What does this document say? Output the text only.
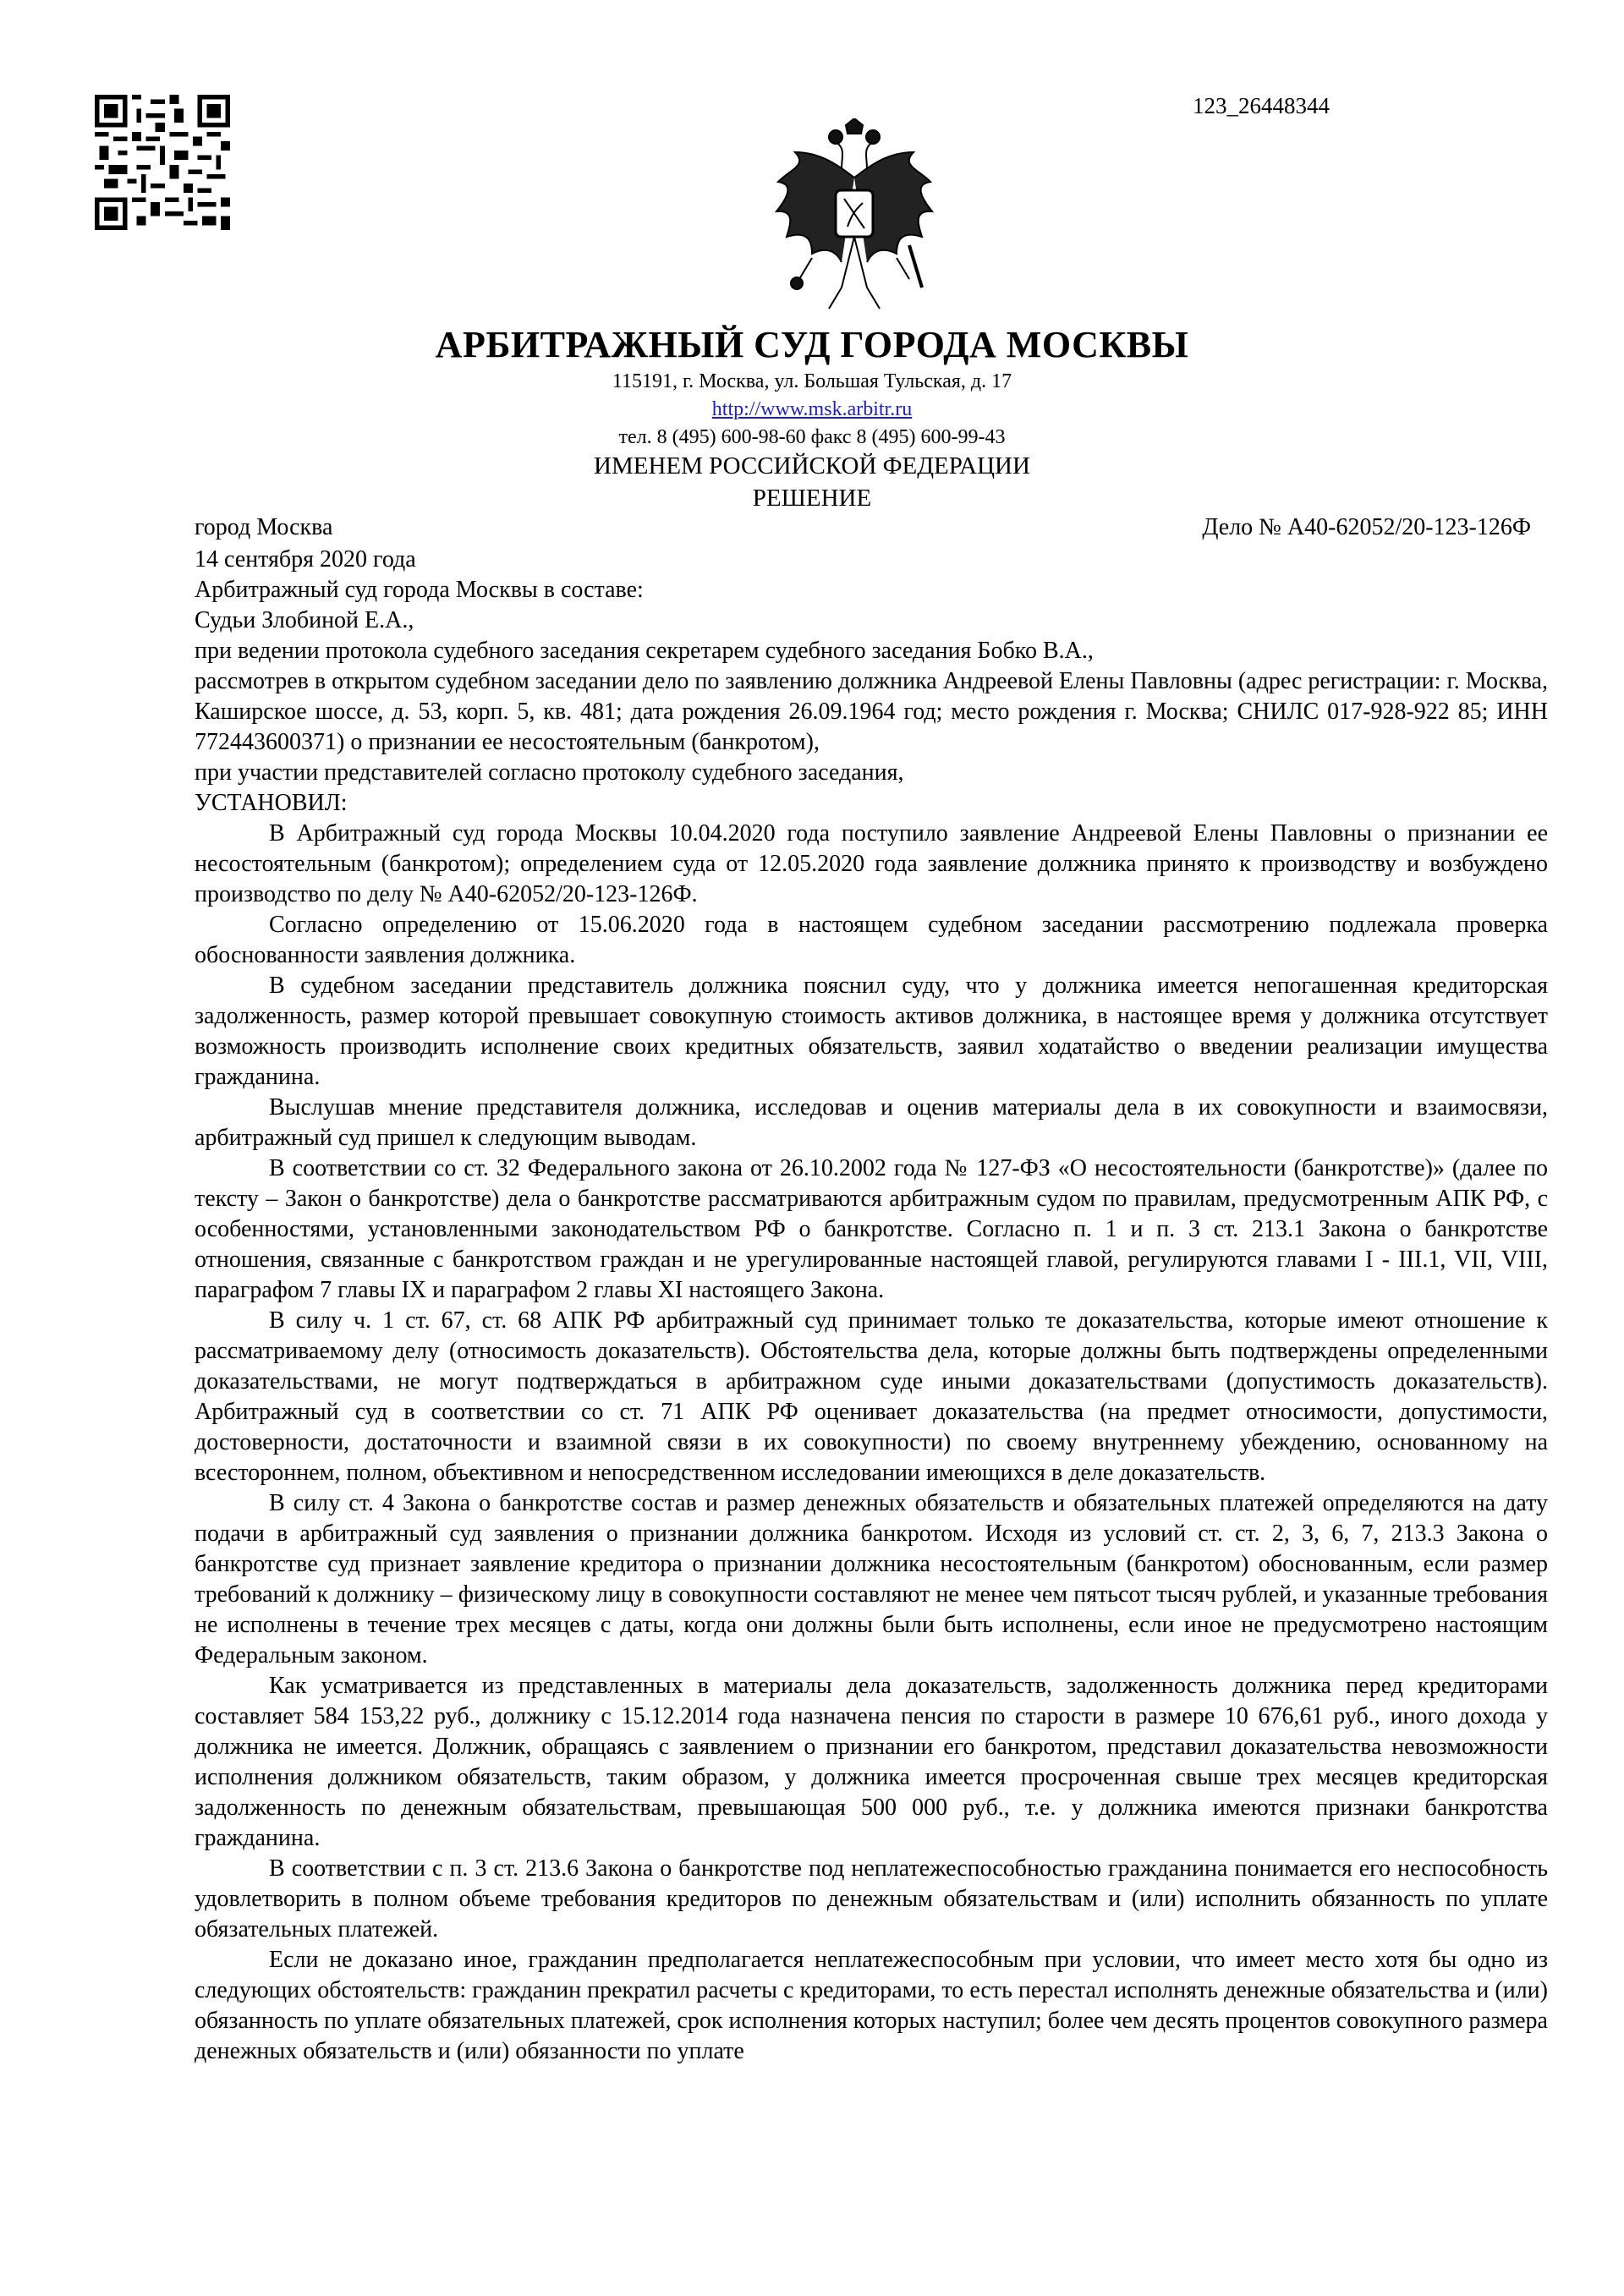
123_26448344
АРБИТРАЖНЫЙ СУД ГОРОДА МОСКВЫ
115191, г. Москва, ул. Большая Тульская, д. 17
http://www.msk.arbitr.ru
тел. 8 (495) 600-98-60 факс 8 (495) 600-99-43
ИМЕНЕМ РОССИЙСКОЙ ФЕДЕРАЦИИ
РЕШЕНИЕ
город Москва	Дело № А40-62052/20-123-126Ф

14 сентября 2020 года

Арбитражный суд города Москвы в составе:

Судьи Злобиной Е.А.,

при ведении протокола судебного заседания секретарем судебного заседания Бобко В.А.,

рассмотрев в открытом судебном заседании дело по заявлению должника Андреевой Елены Павловны (адрес регистрации: г. Москва, Каширское шоссе, д. 53, корп. 5, кв. 481; дата рождения 26.09.1964 год; место рождения г. Москва; СНИЛС 017-928-922 85; ИНН 772443600371) о признании ее несостоятельным (банкротом),

при участии представителей согласно протоколу судебного заседания,

УСТАНОВИЛ:

В Арбитражный суд города Москвы 10.04.2020 года поступило заявление Андреевой Елены Павловны о признании ее несостоятельным (банкротом); определением суда от 12.05.2020 года заявление должника принято к производству и возбуждено производство по делу № А40-62052/20-123-126Ф.

Согласно определению от 15.06.2020 года в настоящем судебном заседании рассмотрению подлежала проверка обоснованности заявления должника.

В судебном заседании представитель должника пояснил суду, что у должника имеется непогашенная кредиторская задолженность, размер которой превышает совокупную стоимость активов должника, в настоящее время у должника отсутствует возможность производить исполнение своих кредитных обязательств, заявил ходатайство о введении реализации имущества гражданина.

Выслушав мнение представителя должника, исследовав и оценив материалы дела в их совокупности и взаимосвязи, арбитражный суд пришел к следующим выводам.

В соответствии со ст. 32 Федерального закона от 26.10.2002 года № 127-ФЗ «О несостоятельности (банкротстве)» (далее по тексту – Закон о банкротстве) дела о банкротстве рассматриваются арбитражным судом по правилам, предусмотренным АПК РФ, с особенностями, установленными законодательством РФ о банкротстве. Согласно п. 1 и п. 3 ст. 213.1 Закона о банкротстве отношения, связанные с банкротством граждан и не урегулированные настоящей главой, регулируются главами I - III.1, VII, VIII, параграфом 7 главы IX и параграфом 2 главы XI настоящего Закона.

В силу ч. 1 ст. 67, ст. 68 АПК РФ арбитражный суд принимает только те доказательства, которые имеют отношение к рассматриваемому делу (относимость доказательств). Обстоятельства дела, которые должны быть подтверждены определенными доказательствами, не могут подтверждаться в арбитражном суде иными доказательствами (допустимость доказательств). Арбитражный суд в соответствии со ст. 71 АПК РФ оценивает доказательства (на предмет относимости, допустимости, достоверности, достаточности и взаимной связи в их совокупности) по своему внутреннему убеждению, основанному на всестороннем, полном, объективном и непосредственном исследовании имеющихся в деле доказательств.

В силу ст. 4 Закона о банкротстве состав и размер денежных обязательств и обязательных платежей определяются на дату подачи в арбитражный суд заявления о признании должника банкротом. Исходя из условий ст. ст. 2, 3, 6, 7, 213.3 Закона о банкротстве суд признает заявление кредитора о признании должника несостоятельным (банкротом) обоснованным, если размер требований к должнику – физическому лицу в совокупности составляют не менее чем пятьсот тысяч рублей, и указанные требования не исполнены в течение трех месяцев с даты, когда они должны были быть исполнены, если иное не предусмотрено настоящим Федеральным законом.

Как усматривается из представленных в материалы дела доказательств, задолженность должника перед кредиторами составляет 584 153,22 руб., должнику с 15.12.2014 года назначена пенсия по старости в размере 10 676,61 руб., иного дохода у должника не имеется. Должник, обращаясь с заявлением о признании его банкротом, представил доказательства невозможности исполнения должником обязательств, таким образом, у должника имеется просроченная свыше трех месяцев кредиторская задолженность по денежным обязательствам, превышающая 500 000 руб., т.е. у должника имеются признаки банкротства гражданина.

В соответствии с п. 3 ст. 213.6 Закона о банкротстве под неплатежеспособностью гражданина понимается его неспособность удовлетворить в полном объеме требования кредиторов по денежным обязательствам и (или) исполнить обязанность по уплате обязательных платежей.

Если не доказано иное, гражданин предполагается неплатежеспособным при условии, что имеет место хотя бы одно из следующих обстоятельств: гражданин прекратил расчеты с кредиторами, то есть перестал исполнять денежные обязательства и (или) обязанность по уплате обязательных платежей, срок исполнения которых наступил; более чем десять процентов совокупного размера денежных обязательств и (или) обязанности по уплате
